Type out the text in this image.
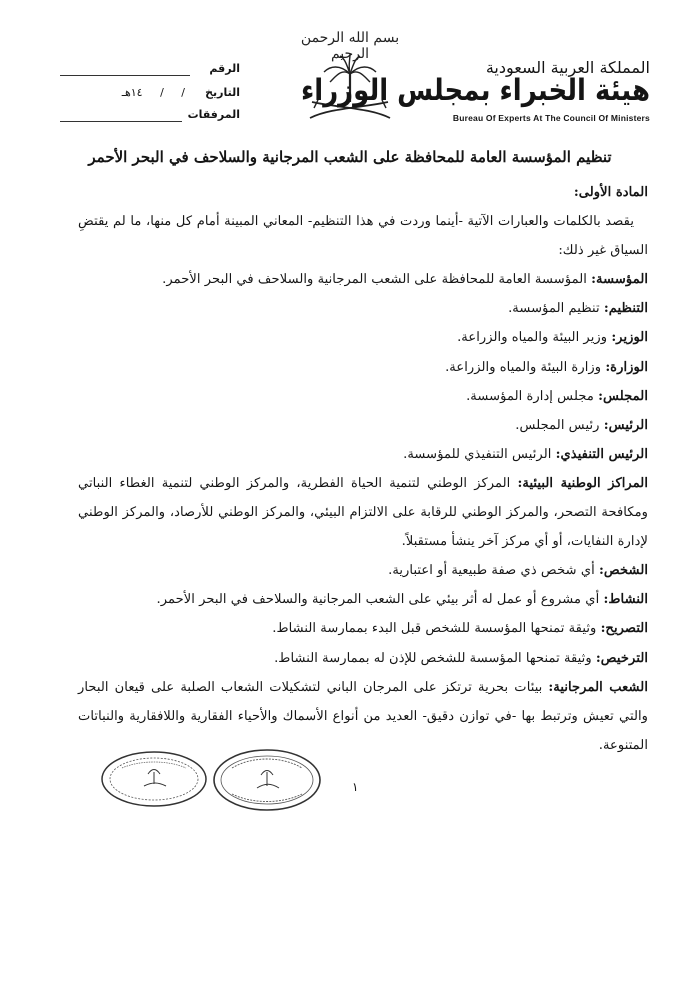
بسم الله الرحمن الرحيم
المملكة العربية السعودية
هيئة الخبراء بمجلس الوزراء
Bureau Of Experts At The Council Of Ministers
الرقم
التاريخ
/ / ١٤هـ
المرفقات
تنظيم المؤسسة العامة للمحافظة على الشعب المرجانية والسلاحف في البحر الأحمر

المادة الأولى:

يقصد بالكلمات والعبارات الآتية -أينما وردت في هذا التنظيم- المعاني المبينة أمام كل منها، ما لم يقتضِ السياق غير ذلك:

المؤسسة: المؤسسة العامة للمحافظة على الشعب المرجانية والسلاحف في البحر الأحمر.

التنظيم: تنظيم المؤسسة.

الوزير: وزير البيئة والمياه والزراعة.

الوزارة: وزارة البيئة والمياه والزراعة.

المجلس: مجلس إدارة المؤسسة.

الرئيس: رئيس المجلس.

الرئيس التنفيذي: الرئيس التنفيذي للمؤسسة.

المراكز الوطنية البيئية: المركز الوطني لتنمية الحياة الفطرية، والمركز الوطني لتنمية الغطاء النباتي ومكافحة التصحر، والمركز الوطني للرقابة على الالتزام البيئي، والمركز الوطني للأرصاد، والمركز الوطني لإدارة النفايات، أو أي مركز آخر ينشأ مستقبلاً.

الشخص: أي شخص ذي صفة طبيعية أو اعتبارية.

النشاط: أي مشروع أو عمل له أثر بيئي على الشعب المرجانية والسلاحف في البحر الأحمر.

التصريح: وثيقة تمنحها المؤسسة للشخص قبل البدء بممارسة النشاط.

الترخيص: وثيقة تمنحها المؤسسة للشخص للإذن له بممارسة النشاط.

الشعب المرجانية: بيئات بحرية ترتكز على المرجان الباني لتشكيلات الشعاب الصلبة على قيعان البحار والتي تعيش وترتبط بها -في توازن دقيق- العديد من أنواع الأسماك والأحياء الفقارية واللافقارية والنباتات المتنوعة.

١
